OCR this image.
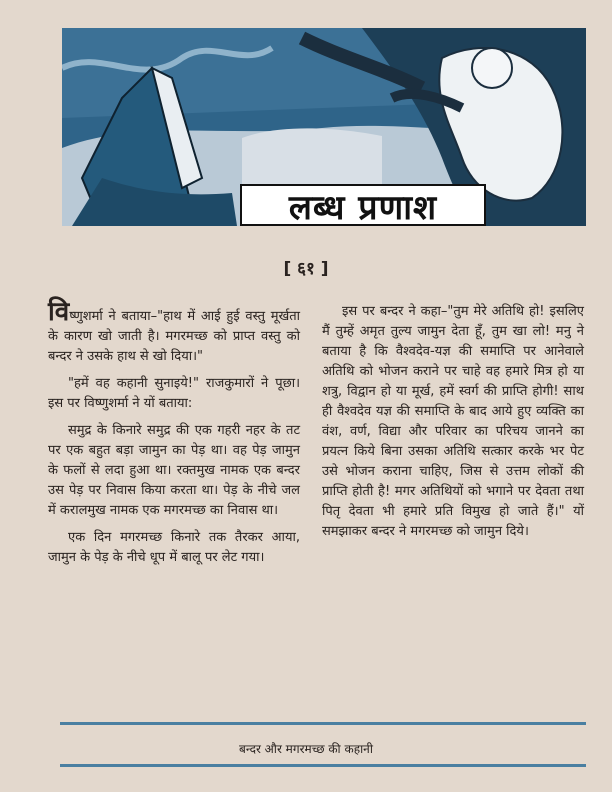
लब्ध प्रणाश
[ ६१ ]

विष्णुशर्मा ने बताया–"हाथ में आई हुई वस्तु मूर्खता के कारण खो जाती है। मगरमच्छ को प्राप्त वस्तु को बन्दर ने उसके हाथ से खो दिया।"

"हमें वह कहानी सुनाइये!" राजकुमारों ने पूछा। इस पर विष्णुशर्मा ने यों बताया:

समुद्र के किनारे समुद्र की एक गहरी नहर के तट पर एक बहुत बड़ा जामुन का पेड़ था। वह पेड़ जामुन के फलों से लदा हुआ था। रक्तमुख नामक एक बन्दर उस पेड़ पर निवास किया करता था। पेड़ के नीचे जल में करालमुख नामक एक मगरमच्छ का निवास था।

एक दिन मगरमच्छ किनारे तक तैरकर आया, जामुन के पेड़ के नीचे धूप में बालू पर लेट गया।

इस पर बन्दर ने कहा–"तुम मेरे अतिथि हो! इसलिए मैं तुम्हें अमृत तुल्य जामुन देता हूँ, तुम खा लो! मनु ने बताया है कि वैश्वदेव-यज्ञ की समाप्ति पर आनेवाले अतिथि को भोजन कराने पर चाहे वह हमारे मित्र हो या शत्रु, विद्वान हो या मूर्ख, हमें स्वर्ग की प्राप्ति होगी! साथ ही वैश्वदेव यज्ञ की समाप्ति के बाद आये हुए व्यक्ति का वंश, वर्ण, विद्या और परिवार का परिचय जानने का प्रयत्न किये बिना उसका अतिथि सत्कार करके भर पेट उसे भोजन कराना चाहिए, जिस से उत्तम लोकों की प्राप्ति होती है! मगर अतिथियों को भगाने पर देवता तथा पितृ देवता भी हमारे प्रति विमुख हो जाते हैं।" यों समझाकर बन्दर ने मगरमच्छ को जामुन दिये।

बन्दर और मगरमच्छ की कहानी
